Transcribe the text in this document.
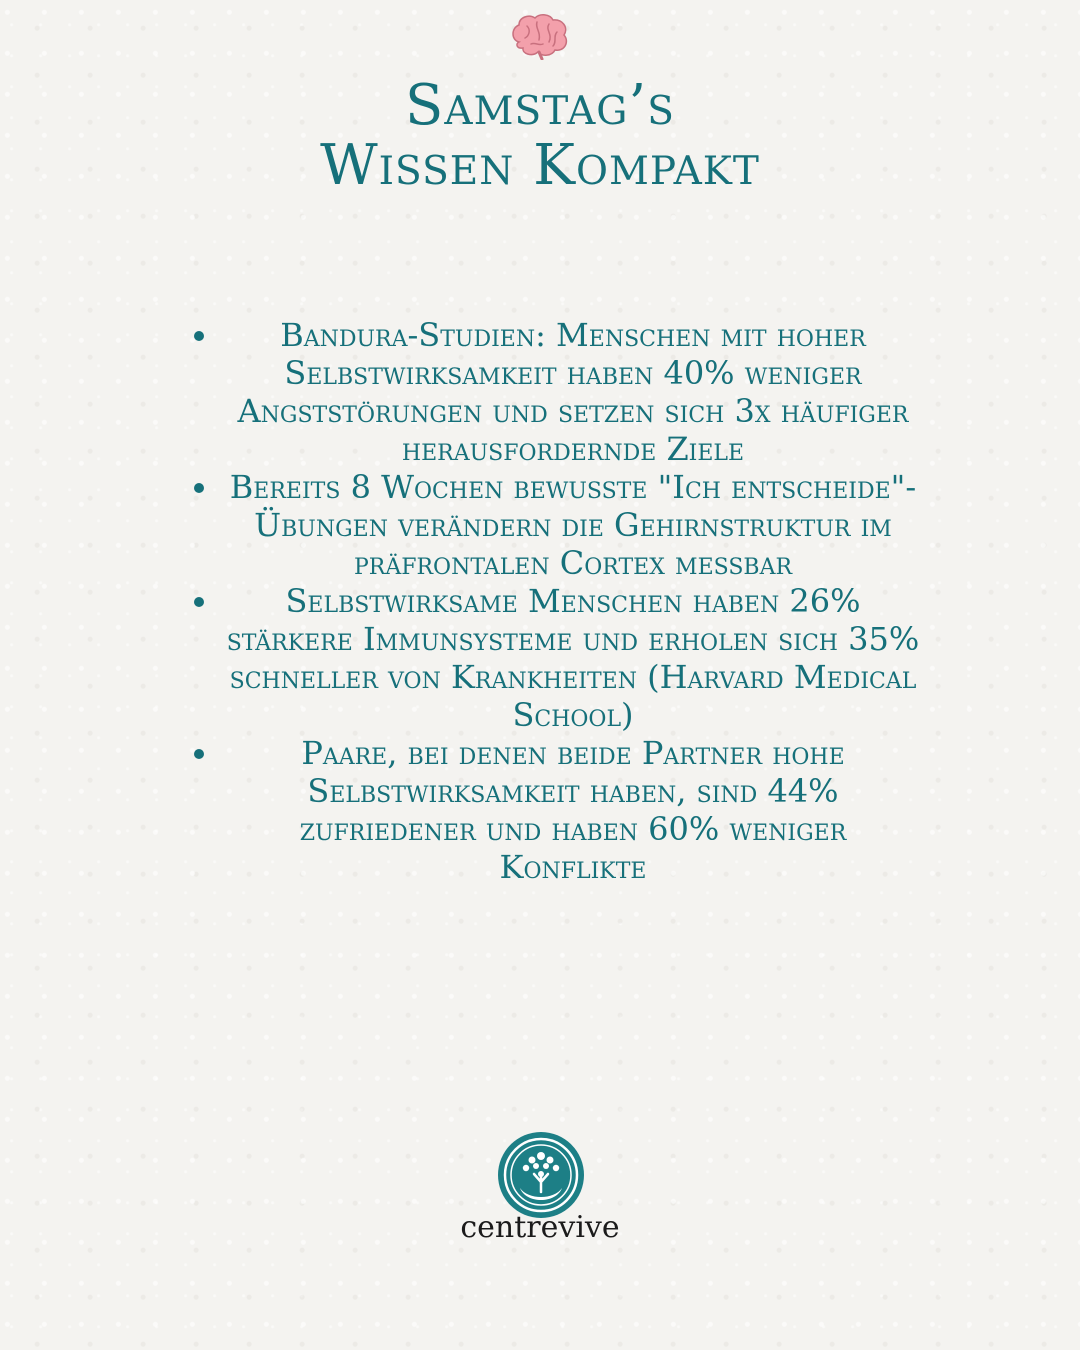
Samstag’s
Wissen Kompakt
Bandura-Studien: Menschen mit hoher Selbstwirksamkeit haben 40% weniger Angststörungen und setzen sich 3x häufiger herausfordernde Ziele
Bereits 8 Wochen bewusste "Ich entscheide"-Übungen verändern die Gehirnstruktur im präfrontalen Cortex messbar
Selbstwirksame Menschen haben 26% stärkere Immunsysteme und erholen sich 35% schneller von Krankheiten (Harvard Medical School)
Paare, bei denen beide Partner hohe Selbstwirksamkeit haben, sind 44% zufriedener und haben 60% weniger Konflikte
centrevive
